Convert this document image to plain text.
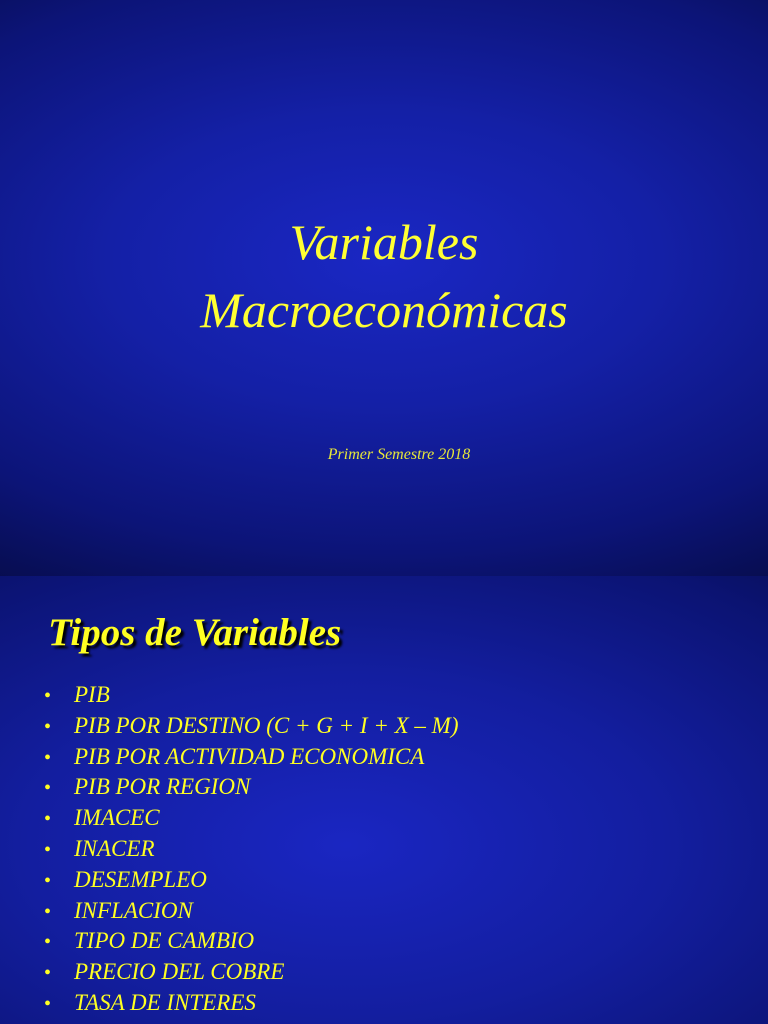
Variables
Macroeconómicas
Primer Semestre 2018
Tipos de Variables
• PIB
• PIB POR DESTINO (C + G + I + X – M)
• PIB POR ACTIVIDAD ECONOMICA
• PIB POR REGION
• IMACEC
• INACER
• DESEMPLEO
• INFLACION
• TIPO DE CAMBIO
• PRECIO DEL COBRE
• TASA DE INTERES
